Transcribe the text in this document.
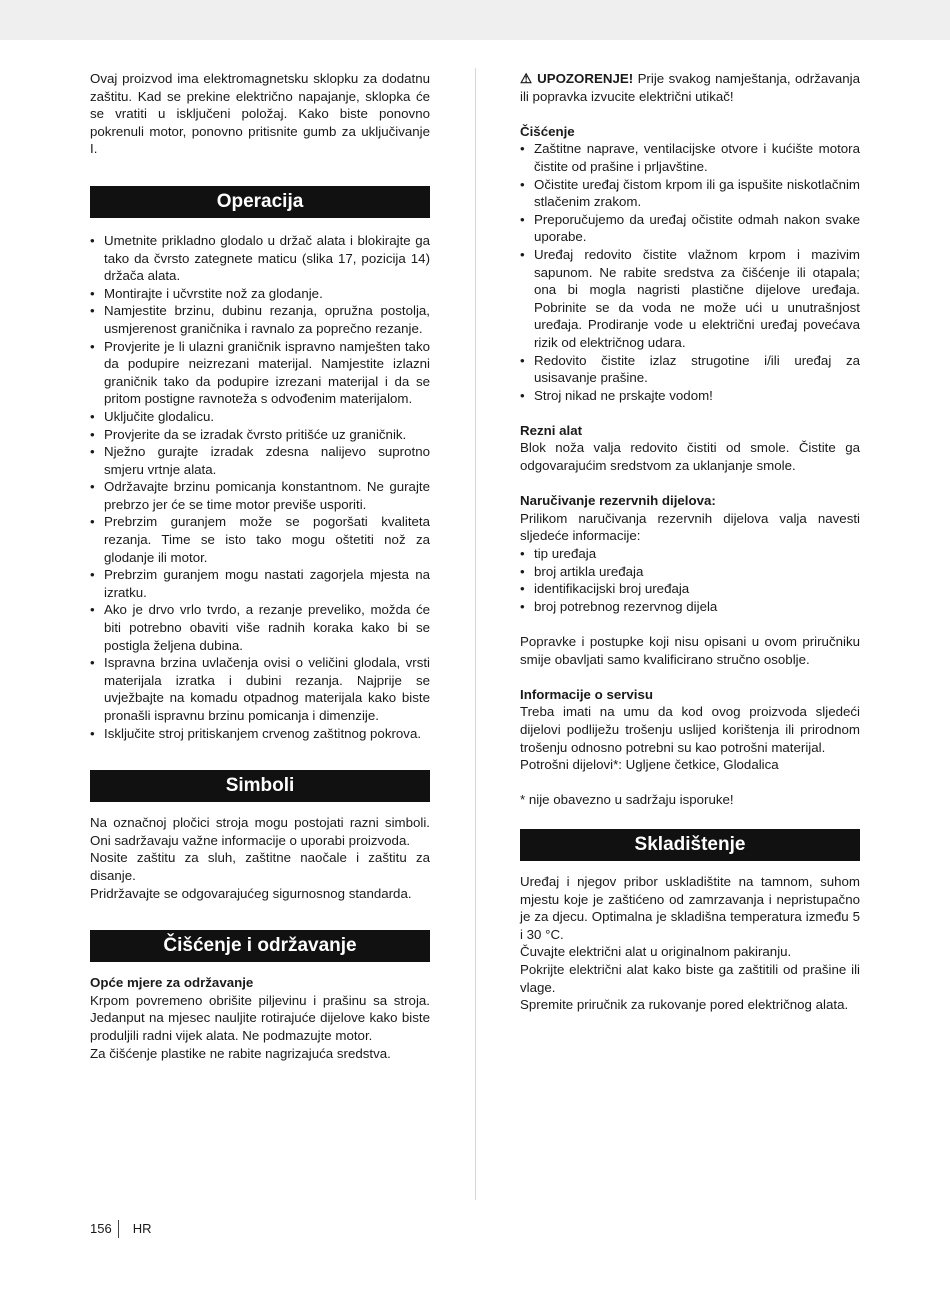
Ovaj proizvod ima elektromagnetsku sklopku za dodatnu zaštitu. Kad se prekine električno napajanje, sklopka će se vratiti u isključeni položaj. Kako biste ponovno pokrenuli motor, ponovno pritisnite gumb za uključivanje I.

Operacija
• Umetnite prikladno glodalo u držač alata i blokirajte ga tako da čvrsto zategnete maticu (slika 17, pozicija 14) držača alata.
• Montirajte i učvrstite nož za glodanje.
• Namjestite brzinu, dubinu rezanja, opružna postolja, usmjerenost graničnika i ravnalo za poprečno rezanje.
• Provjerite je li ulazni graničnik ispravno namješten tako da podupire neizrezani materijal. Namjestite izlazni graničnik tako da podupire izrezani materijal i da se pritom postigne ravnoteža s odvođenim materijalom.
• Uključite glodalicu.
• Provjerite da se izradak čvrsto pritišće uz graničnik.
• Nježno gurajte izradak zdesna nalijevo suprotno smjeru vrtnje alata.
• Održavajte brzinu pomicanja konstantnom. Ne gurajte prebrzo jer će se time motor previše usporiti.
• Prebrzim guranjem može se pogoršati kvaliteta rezanja. Time se isto tako mogu oštetiti nož za glodanje ili motor.
• Prebrzim guranjem mogu nastati zagorjela mjesta na izratku.
• Ako je drvo vrlo tvrdo, a rezanje preveliko, možda će biti potrebno obaviti više radnih koraka kako bi se postigla željena dubina.
• Ispravna brzina uvlačenja ovisi o veličini glodala, vrsti materijala izratka i dubini rezanja. Najprije se uvježbajte na komadu otpadnog materijala kako biste pronašli ispravnu brzinu pomicanja i dimenzije.
• Isključite stroj pritiskanjem crvenog zaštitnog pokrova.
Simboli

Na označnoj pločici stroja mogu postojati razni simboli. Oni sadržavaju važne informacije o uporabi proizvoda.

Nosite zaštitu za sluh, zaštitne naočale i zaštitu za disanje.

Pridržavajte se odgovarajućeg sigurnosnog standarda.

Čišćenje i održavanje

Opće mjere za održavanje

Krpom povremeno obrišite piljevinu i prašinu sa stroja. Jedanput na mjesec nauljite rotirajuće dijelove kako biste produljili radni vijek alata. Ne podmazujte motor.

Za čišćenje plastike ne rabite nagrizajuća sredstva.

⚠ UPOZORENJE! Prije svakog namještanja, održavanja ili popravka izvucite električni utikač!

Čišćenje

• Zaštitne naprave, ventilacijske otvore i kućište motora čistite od prašine i prljavštine.
• Očistite uređaj čistom krpom ili ga ispušite niskotlačnim stlačenim zrakom.
• Preporučujemo da uređaj očistite odmah nakon svake uporabe.
• Uređaj redovito čistite vlažnom krpom i mazivim sapunom. Ne rabite sredstva za čišćenje ili otapala; ona bi mogla nagristi plastične dijelove uređaja. Pobrinite se da voda ne može ući u unutrašnjost uređaja. Prodiranje vode u električni uređaj povećava rizik od električnog udara.
• Redovito čistite izlaz strugotine i/ili uređaj za usisavanje prašine.
• Stroj nikad ne prskajte vodom!

Rezni alat

Blok noža valja redovito čistiti od smole. Čistite ga odgovarajućim sredstvom za uklanjanje smole.

Naručivanje rezervnih dijelova:

Prilikom naručivanja rezervnih dijelova valja navesti sljedeće informacije:

• tip uređaja
• broj artikla uređaja
• identifikacijski broj uređaja
• broj potrebnog rezervnog dijela

Popravke i postupke koji nisu opisani u ovom priručniku smije obavljati samo kvalificirano stručno osoblje.

Informacije o servisu

Treba imati na umu da kod ovog proizvoda sljedeći dijelovi podliježu trošenju uslijed korištenja ili prirodnom trošenju odnosno potrebni su kao potrošni materijal.

Potrošni dijelovi*: Ugljene četkice, Glodalica

* nije obavezno u sadržaju isporuke!

Skladištenje

Uređaj i njegov pribor uskladištite na tamnom, suhom mjestu koje je zaštićeno od zamrzavanja i nepristupačno je za djecu. Optimalna je skladišna temperatura između 5 i 30 °C.

Čuvajte električni alat u originalnom pakiranju.

Pokrijte električni alat kako biste ga zaštitili od prašine ili vlage.

Spremite priručnik za rukovanje pored električnog alata.

156	HR
